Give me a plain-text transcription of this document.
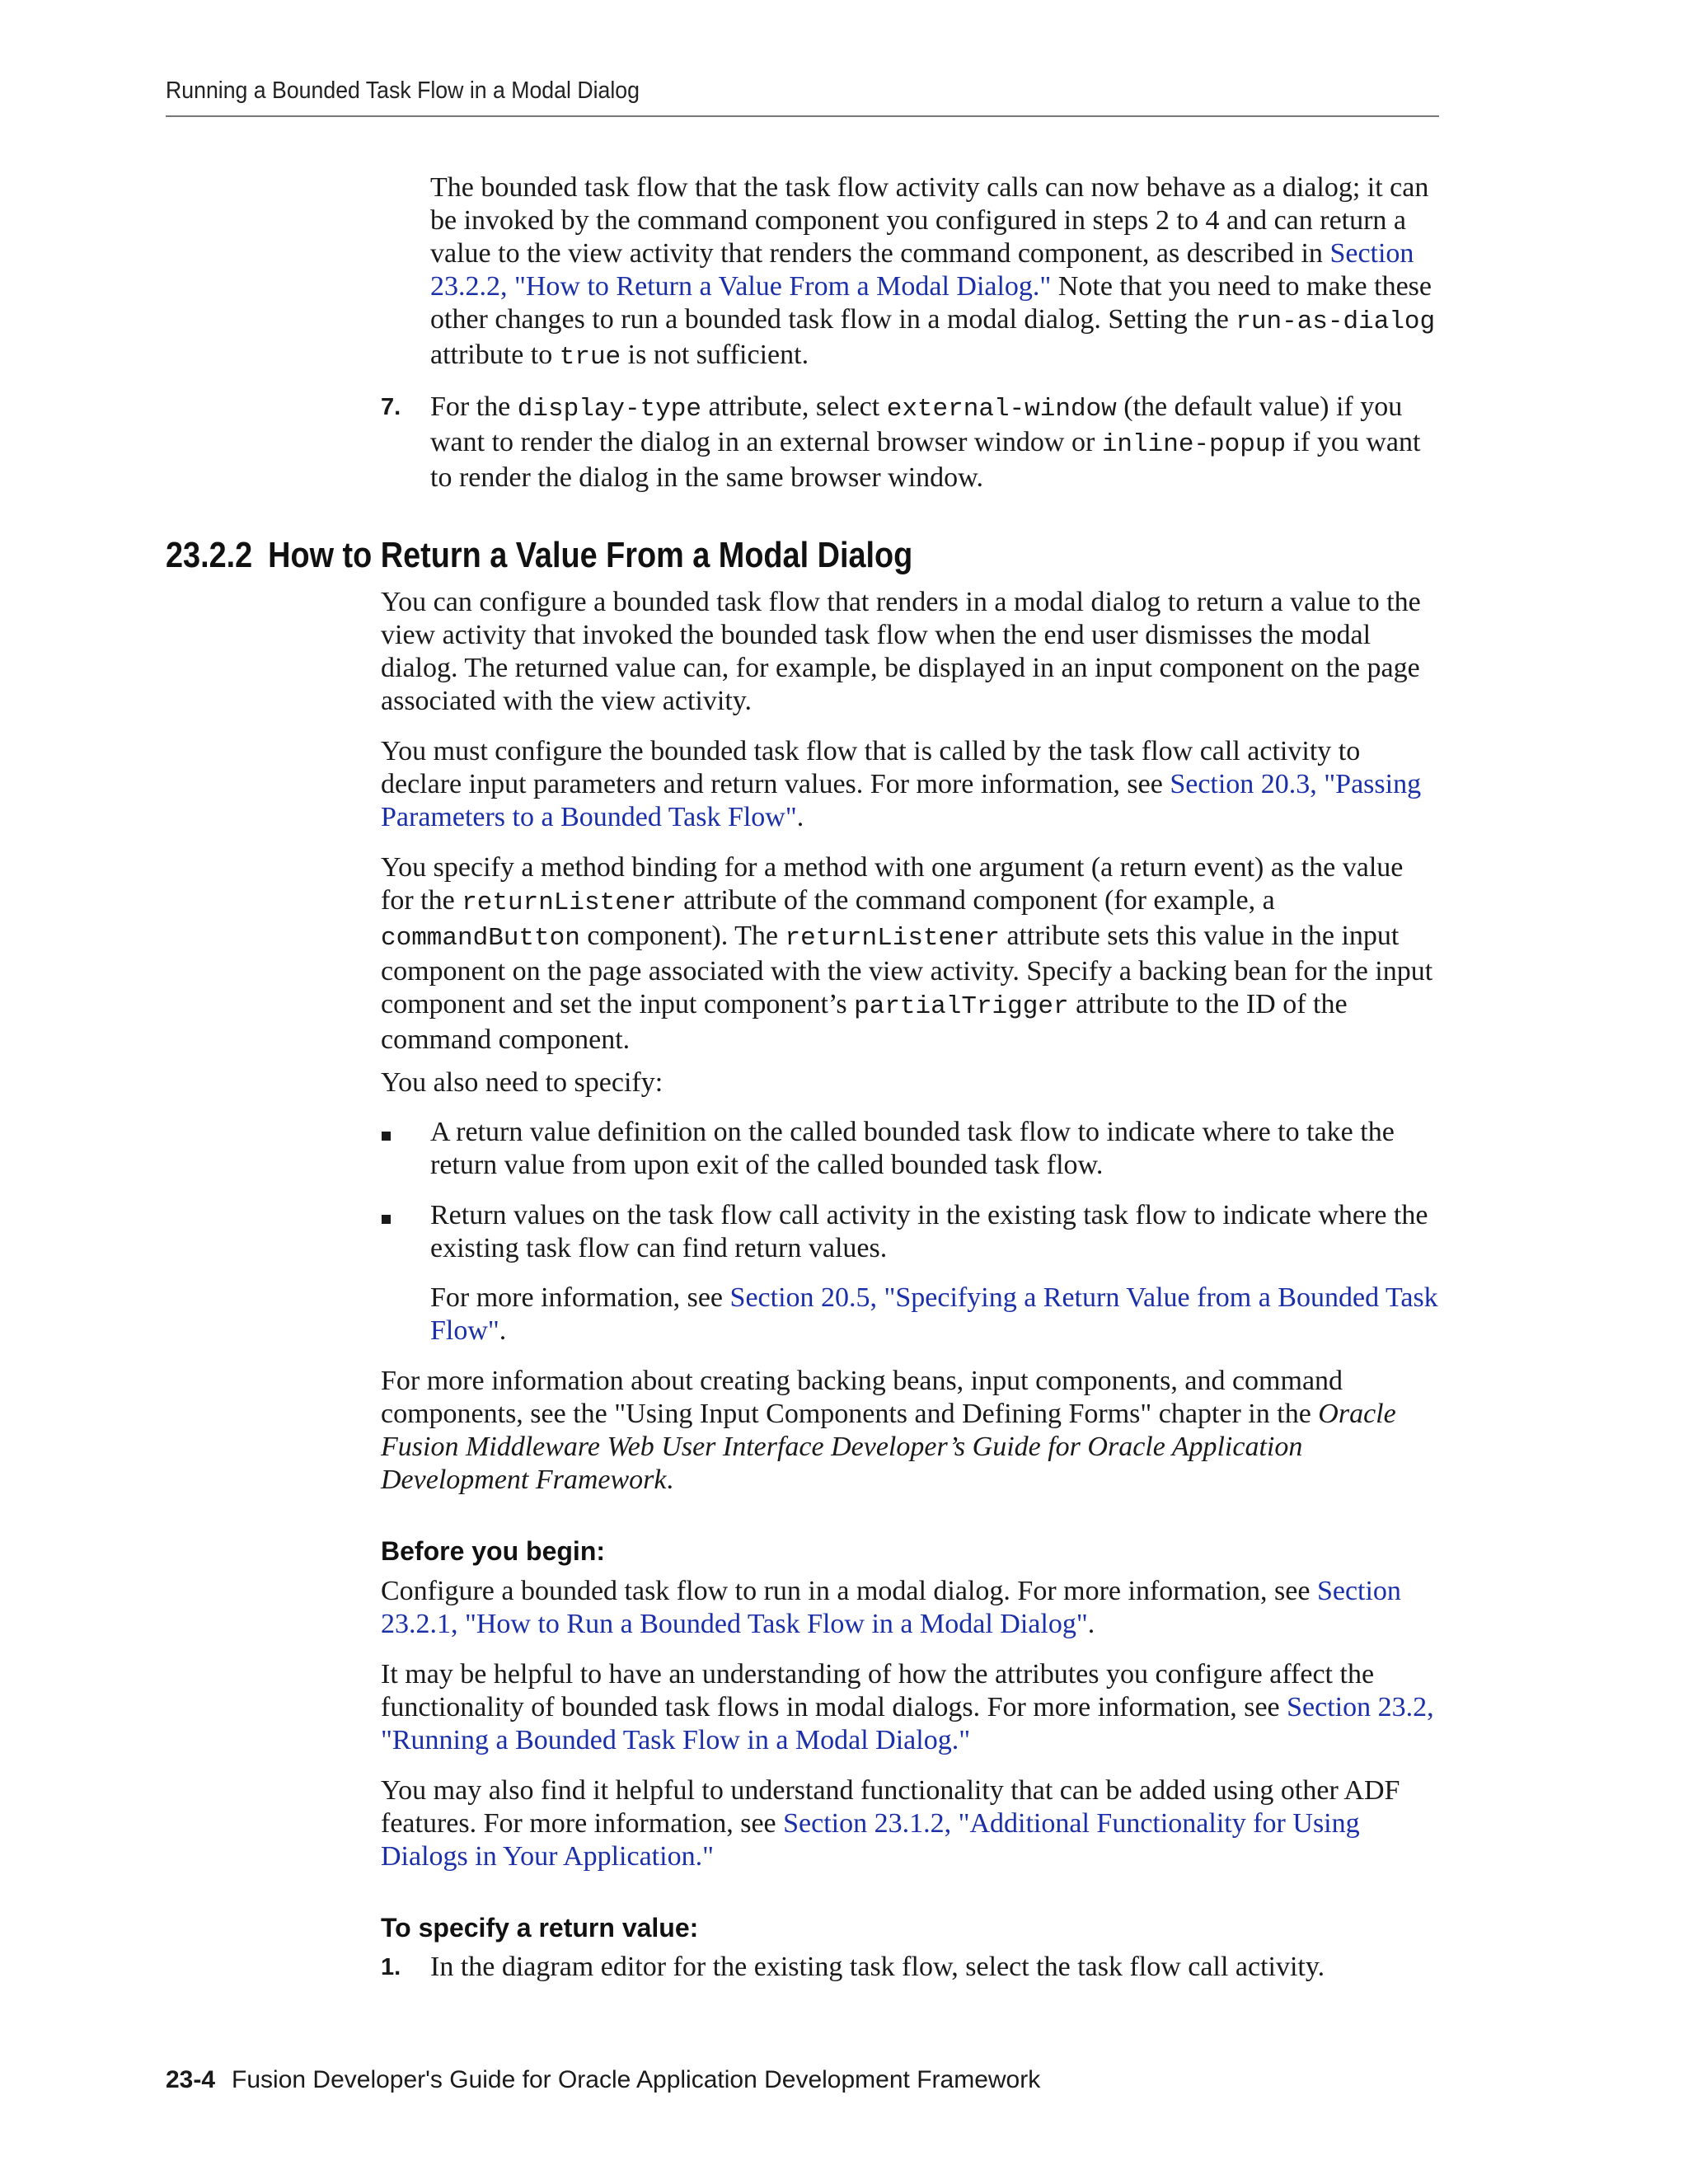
Running a Bounded Task Flow in a Modal Dialog

The bounded task flow that the task flow activity calls can now behave as a dialog; it can be invoked by the command component you configured in steps 2 to 4 and can return a value to the view activity that renders the command component, as described in Section 23.2.2, "How to Return a Value From a Modal Dialog." Note that you need to make these other changes to run a bounded task flow in a modal dialog. Setting the run-as-dialog attribute to true is not sufficient.

7. For the display-type attribute, select external-window (the default value) if you want to render the dialog in an external browser window or inline-popup if you want to render the dialog in the same browser window.

23.2.2 How to Return a Value From a Modal Dialog

You can configure a bounded task flow that renders in a modal dialog to return a value to the view activity that invoked the bounded task flow when the end user dismisses the modal dialog. The returned value can, for example, be displayed in an input component on the page associated with the view activity.

You must configure the bounded task flow that is called by the task flow call activity to declare input parameters and return values. For more information, see Section 20.3, "Passing Parameters to a Bounded Task Flow".

You specify a method binding for a method with one argument (a return event) as the value for the returnListener attribute of the command component (for example, a commandButton component). The returnListener attribute sets this value in the input component on the page associated with the view activity. Specify a backing bean for the input component and set the input component’s partialTrigger attribute to the ID of the command component.

You also need to specify:

A return value definition on the called bounded task flow to indicate where to take the return value from upon exit of the called bounded task flow.

Return values on the task flow call activity in the existing task flow to indicate where the existing task flow can find return values.

For more information, see Section 20.5, "Specifying a Return Value from a Bounded Task Flow".

For more information about creating backing beans, input components, and command components, see the "Using Input Components and Defining Forms" chapter in the Oracle Fusion Middleware Web User Interface Developer’s Guide for Oracle Application Development Framework.

Before you begin:

Configure a bounded task flow to run in a modal dialog. For more information, see Section 23.2.1, "How to Run a Bounded Task Flow in a Modal Dialog".

It may be helpful to have an understanding of how the attributes you configure affect the functionality of bounded task flows in modal dialogs. For more information, see Section 23.2, "Running a Bounded Task Flow in a Modal Dialog."

You may also find it helpful to understand functionality that can be added using other ADF features. For more information, see Section 23.1.2, "Additional Functionality for Using Dialogs in Your Application."

To specify a return value:
1. In the diagram editor for the existing task flow, select the task flow call activity.

23-4 Fusion Developer's Guide for Oracle Application Development Framework
